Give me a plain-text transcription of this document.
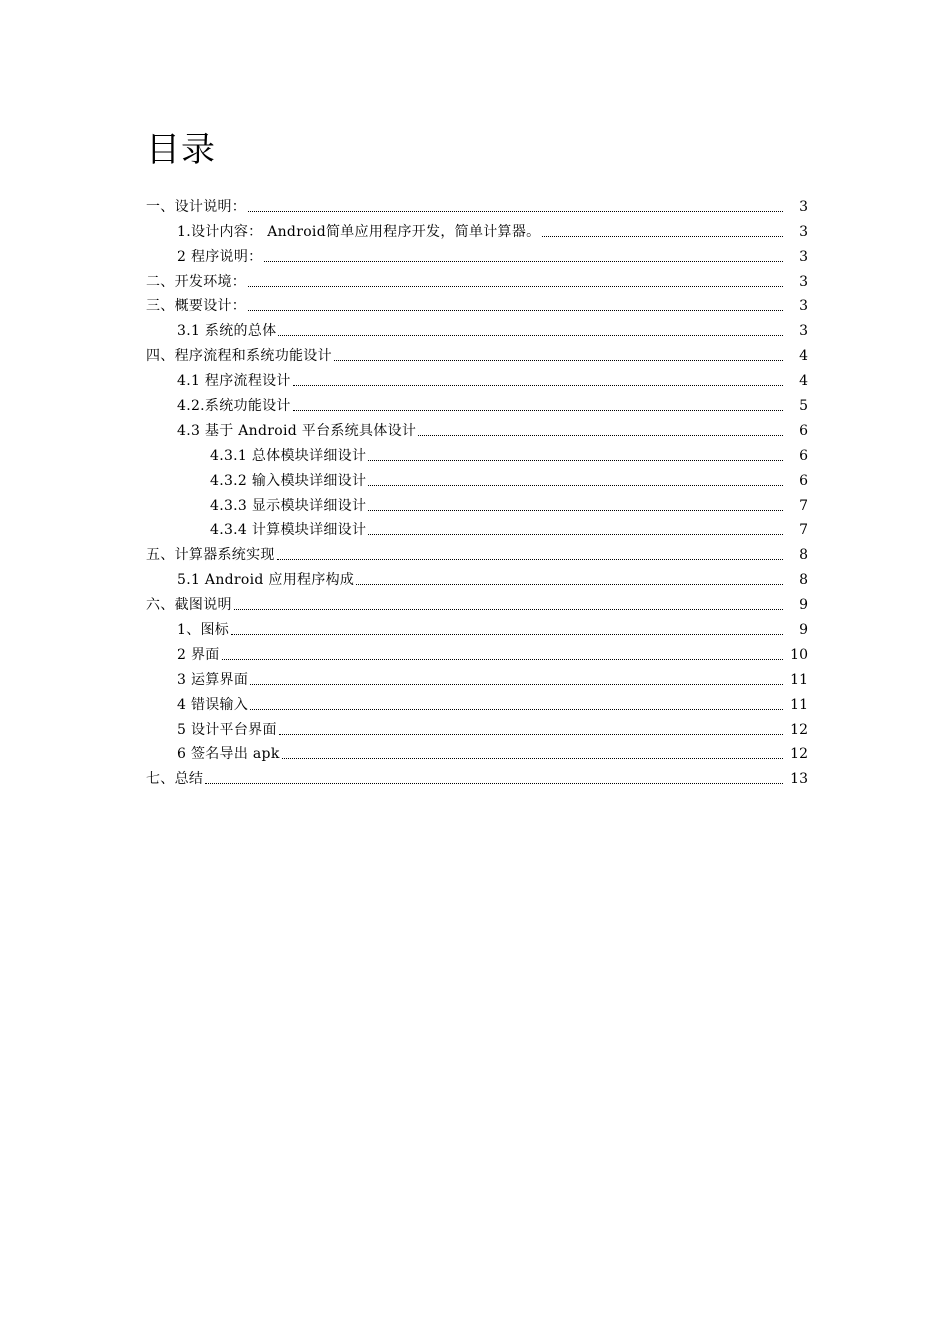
目录
一、设计说明：	3
1.设计内容： Android简单应用程序开发，简单计算器。	3
2 程序说明：	3
二、开发环境：	3
三、概要设计：	3
3.1 系统的总体	3
四、程序流程和系统功能设计	4
4.1 程序流程设计	4
4.2.系统功能设计	5
4.3 基于 Android 平台系统具体设计	6
4.3.1 总体模块详细设计	6
4.3.2 输入模块详细设计	6
4.3.3 显示模块详细设计	7
4.3.4 计算模块详细设计	7
五、计算器系统实现	8
5.1 Android 应用程序构成	8
六、截图说明	9
1、图标	9
2 界面	10
3 运算界面	11
4 错误输入	11
5 设计平台界面	12
6 签名导出 apk	12
七、总结	13
